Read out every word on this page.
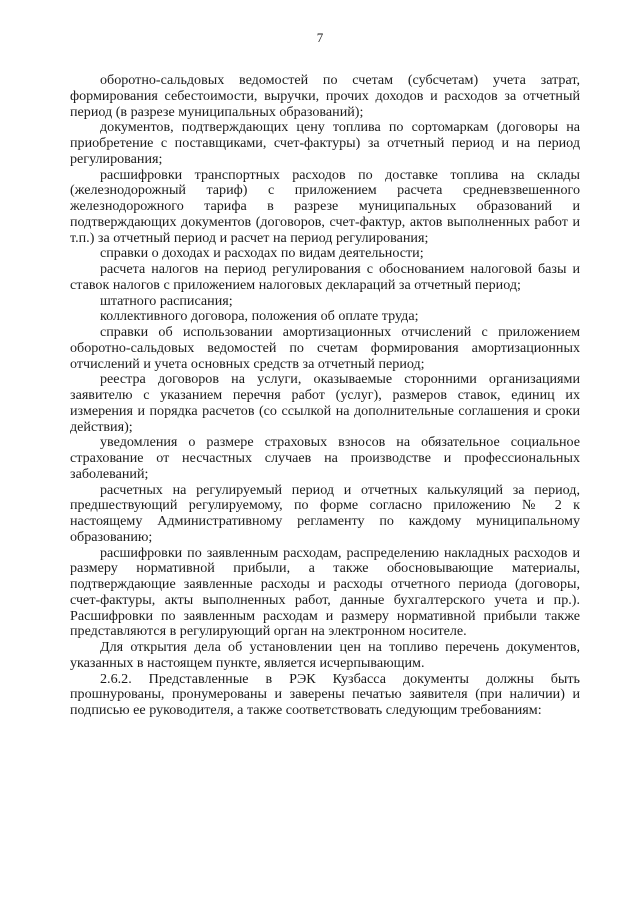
7

оборотно-сальдовых ведомостей по счетам (субсчетам) учета затрат, формирования себестоимости, выручки, прочих доходов и расходов за отчетный период (в разрезе муниципальных образований);

документов, подтверждающих цену топлива по сортомаркам (договоры на приобретение с поставщиками, счет-фактуры) за отчетный период и на период регулирования;

расшифровки транспортных расходов по доставке топлива на склады (железнодорожный тариф) с приложением расчета средневзвешенного железнодорожного тарифа в разрезе муниципальных образований и подтверждающих документов (договоров, счет-фактур, актов выполненных работ и т.п.) за отчетный период и расчет на период регулирования;

справки о доходах и расходах по видам деятельности;

расчета налогов на период регулирования с обоснованием налоговой базы и ставок налогов с приложением налоговых деклараций за отчетный период;

штатного расписания;

коллективного договора, положения об оплате труда;

справки об использовании амортизационных отчислений с приложением оборотно-сальдовых ведомостей по счетам формирования амортизационных отчислений и учета основных средств за отчетный период;

реестра договоров на услуги, оказываемые сторонними организациями заявителю с указанием перечня работ (услуг), размеров ставок, единиц их измерения и порядка расчетов (со ссылкой на дополнительные соглашения и сроки действия);

уведомления о размере страховых взносов на обязательное социальное страхование от несчастных случаев на производстве и профессиональных заболеваний;

расчетных на регулируемый период и отчетных калькуляций за период, предшествующий регулируемому, по форме согласно приложению № 2 к настоящему Административному регламенту по каждому муниципальному образованию;

расшифровки по заявленным расходам, распределению накладных расходов и размеру нормативной прибыли, а также обосновывающие материалы, подтверждающие заявленные расходы и расходы отчетного периода (договоры, счет-фактуры, акты выполненных работ, данные бухгалтерского учета и пр.). Расшифровки по заявленным расходам и размеру нормативной прибыли также представляются в регулирующий орган на электронном носителе.

Для открытия дела об установлении цен на топливо перечень документов, указанных в настоящем пункте, является исчерпывающим.

2.6.2. Представленные в РЭК Кузбасса документы должны быть прошнурованы, пронумерованы и заверены печатью заявителя (при наличии) и подписью ее руководителя, а также соответствовать следующим требованиям:
